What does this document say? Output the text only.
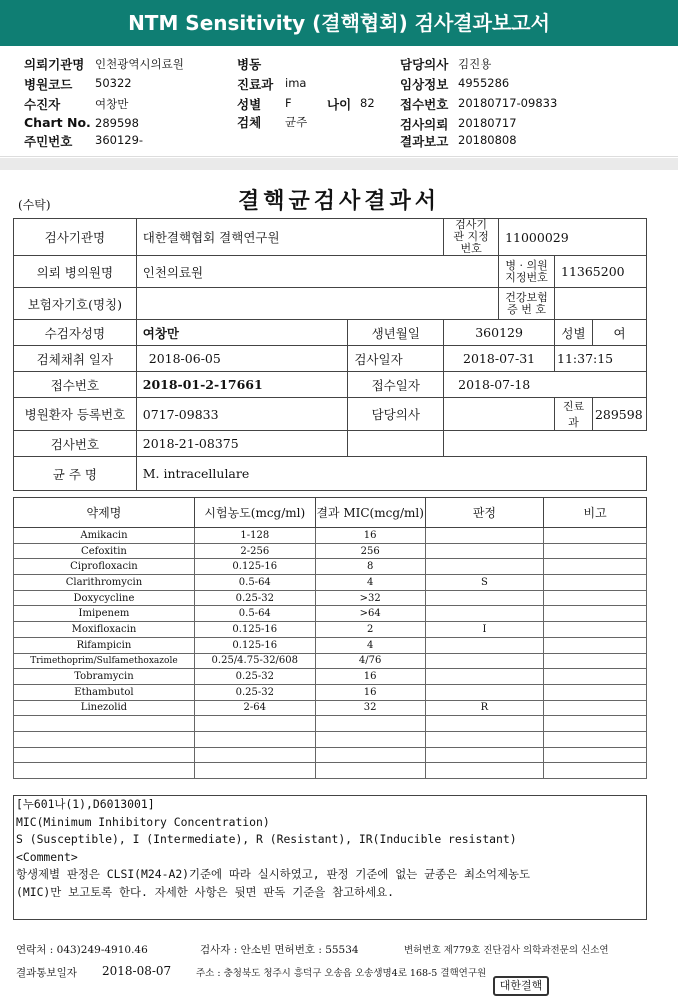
NTM Sensitivity (결핵협회) 검사결과보고서
의뢰기관명 인천광역시의료원
병원코드 50322
수진자	여창만
Chart No. 289598
주민번호 360129-
병동
진료과 ima
성별 F	나이 82
검체 균주
담당의사 김진용
임상정보 4955286
접수번호 20180717-09833
검사의뢰 20180717
결과보고 20180808
(수탁)	결핵균검사결과서
검사기관명	대한결핵협회 결핵연구원		검사기관 지정번호	11000029		
의뢰 병의원명	인천의료원			병 · 의원 지정번호	11365200	
보험자기호(명칭)				건강보험 증 번 호		
수검자성명	여창만	생년월일	360129		성별	여
검체채취 일자	2018-06-05	검사일자	2018-07-31		11:37:15	
접수번호	2018-01-2-17661	접수일자	2018-07-18			
병원환자 등록번호	0717-09833	담당의사			진료과	289598
검사번호	2018-21-08375					
균 주 명	M. intracellulare					
약제명	시험농도(mcg/ml)	결과 MIC(mcg/ml)	판정	비고
Amikacin	1-128	16		
Cefoxitin	2-256	256		
Ciprofloxacin	0.125-16	8		
Clarithromycin	0.5-64	4	S	
Doxycycline	0.25-32	>32		
Imipenem	0.5-64	>64		
Moxifloxacin	0.125-16	2	I	
Rifampicin	0.125-16	4		
Trimethoprim/Sulfamethoxazole	0.25/4.75-32/608	4/76		
Tobramycin	0.25-32	16		
Ethambutol	0.25-32	16		
Linezolid	2-64	32	R	

[누601나(1),D6013001]
MIC(Minimum Inhibitory Concentration)
S (Susceptible), I (Intermediate), R (Resistant), IR(Inducible resistant)
<Comment>
항생제별 판정은 CLSI(M24-A2)기준에 따라 실시하였고, 판정 기준에 없는 균종은 최소억제농도
(MIC)만 보고토록 한다. 자세한 사항은 뒷면 판독 기준을 참고하세요.
연락처 : 043)249-4910.46	검사자 : 안소빈 면허번호 : 55534	변허번호 제779호 진단검사 의학과전문의 신소연
결과통보일자 2018-08-07	주소 : 충청북도 청주시 흥덕구 오송읍 오송생명4로 168-5 결핵연구원
대한결핵
